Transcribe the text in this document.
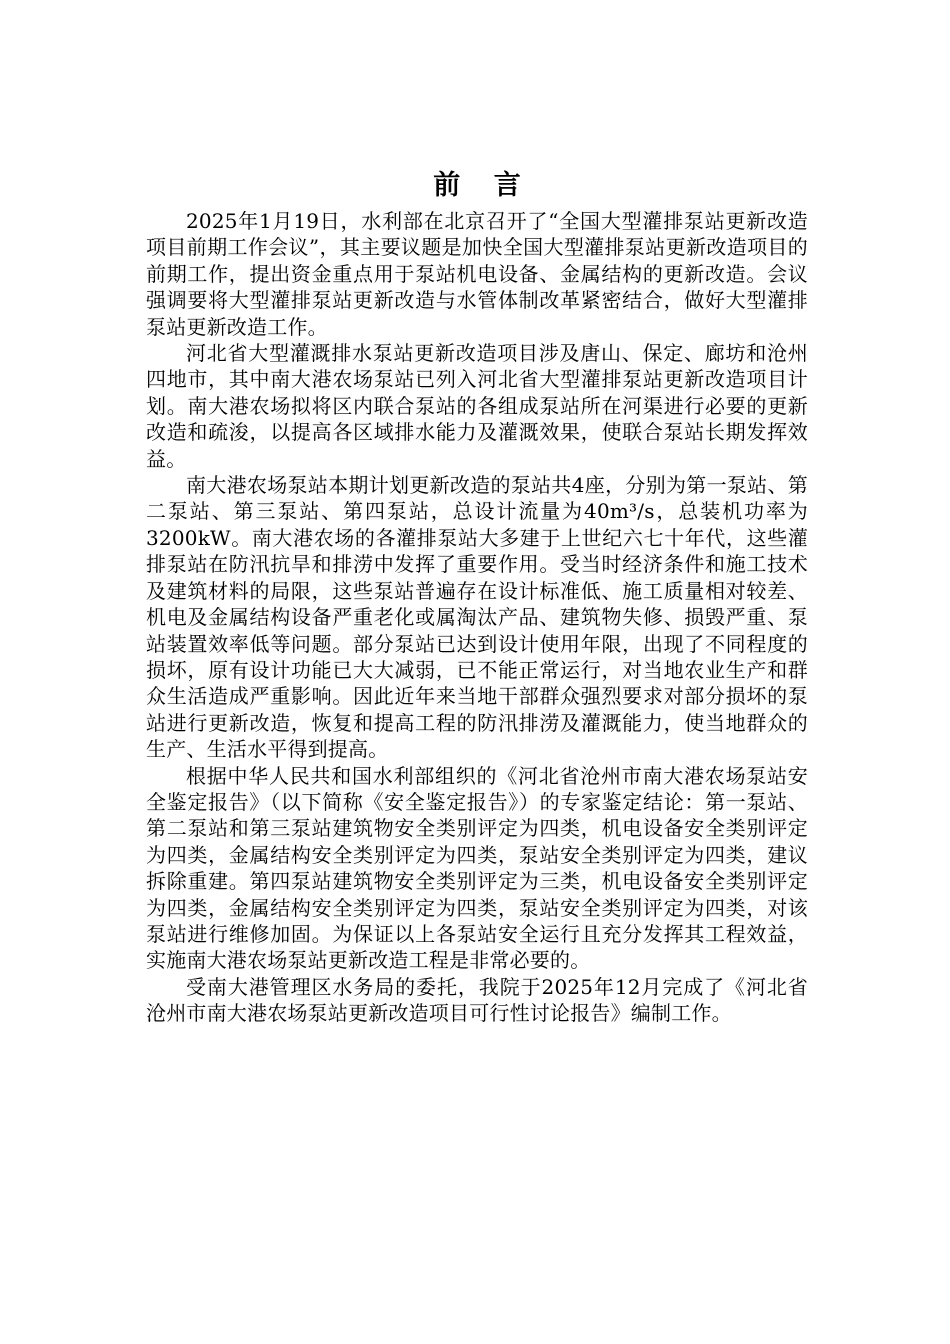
前 言

2025年1月19日，水利部在北京召开了“全国大型灌排泵站更新改造项目前期工作会议”，其主要议题是加快全国大型灌排泵站更新改造项目的前期工作，提出资金重点用于泵站机电设备、金属结构的更新改造。会议强调要将大型灌排泵站更新改造与水管体制改革紧密结合，做好大型灌排泵站更新改造工作。

河北省大型灌溉排水泵站更新改造项目涉及唐山、保定、廊坊和沧州四地市，其中南大港农场泵站已列入河北省大型灌排泵站更新改造项目计划。南大港农场拟将区内联合泵站的各组成泵站所在河渠进行必要的更新改造和疏浚，以提高各区域排水能力及灌溉效果，使联合泵站长期发挥效益。

南大港农场泵站本期计划更新改造的泵站共4座，分别为第一泵站、第二泵站、第三泵站、第四泵站，总设计流量为40m³/s，总装机功率为3200kW。南大港农场的各灌排泵站大多建于上世纪六七十年代，这些灌排泵站在防汛抗旱和排涝中发挥了重要作用。受当时经济条件和施工技术及建筑材料的局限，这些泵站普遍存在设计标准低、施工质量相对较差、机电及金属结构设备严重老化或属淘汰产品、建筑物失修、损毁严重、泵站装置效率低等问题。部分泵站已达到设计使用年限，出现了不同程度的损坏，原有设计功能已大大减弱，已不能正常运行，对当地农业生产和群众生活造成严重影响。因此近年来当地干部群众强烈要求对部分损坏的泵站进行更新改造，恢复和提高工程的防汛排涝及灌溉能力，使当地群众的生产、生活水平得到提高。

根据中华人民共和国水利部组织的《河北省沧州市南大港农场泵站安全鉴定报告》（以下简称《安全鉴定报告》）的专家鉴定结论：第一泵站、第二泵站和第三泵站建筑物安全类别评定为四类，机电设备安全类别评定为四类，金属结构安全类别评定为四类，泵站安全类别评定为四类，建议拆除重建。第四泵站建筑物安全类别评定为三类，机电设备安全类别评定为四类，金属结构安全类别评定为四类，泵站安全类别评定为四类，对该泵站进行维修加固。为保证以上各泵站安全运行且充分发挥其工程效益，实施南大港农场泵站更新改造工程是非常必要的。

受南大港管理区水务局的委托，我院于2025年12月完成了《河北省沧州市南大港农场泵站更新改造项目可行性讨论报告》编制工作。
